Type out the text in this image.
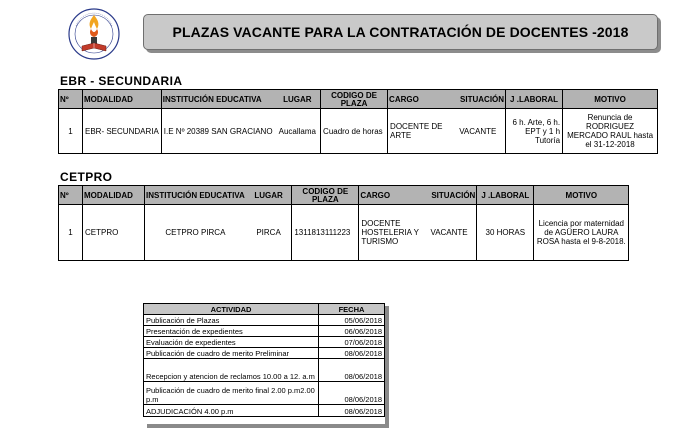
PLAZAS VACANTE PARA LA CONTRATACIÓN DE DOCENTES -2018
EBR - SECUNDARIA
Nº	MODALIDAD	INSTITUCIÓN EDUCATIVA	LUGAR	CODIGO DE PLAZA	CARGO	SITUACIÓN	J .LABORAL	MOTIVO
1	EBR- SECUNDARIA	I.E Nº 20389 SAN GRACIANO	Aucallama	Cuadro de horas	DOCENTE DE ARTE	VACANTE	6 h. Arte, 6 h. EPT y 1 h Tutoría	Renuncia de RODRIGUEZ MERCADO RAUL hasta el 31-12-2018
CETPRO
Nº	MODALIDAD	INSTITUCIÓN EDUCATIVA	LUGAR	CODIGO DE PLAZA	CARGO	SITUACIÓN	J .LABORAL	MOTIVO
1	CETPRO	CETPRO PIRCA	PIRCA	1311813111223	DOCENTE HOSTELERIA Y TURISMO	VACANTE	30 HORAS	Licencia por maternidad de AGÜERO LAURA ROSA hasta el 9-8-2018.
ACTIVIDAD	FECHA
Publicación de Plazas	05/06/2018
Presentación de expedientes	06/06/2018
Evaluación de expedientes	07/06/2018
Publicación de cuadro de merito Preliminar	08/06/2018
Recepcion y atencion de reclamos 10.00 a 12. a.m	08/06/2018
Publicación de cuadro de merito final 2.00 p.m2.00 p.m	08/06/2018
ADJUDICACIÓN 4.00 p.m	08/06/2018
